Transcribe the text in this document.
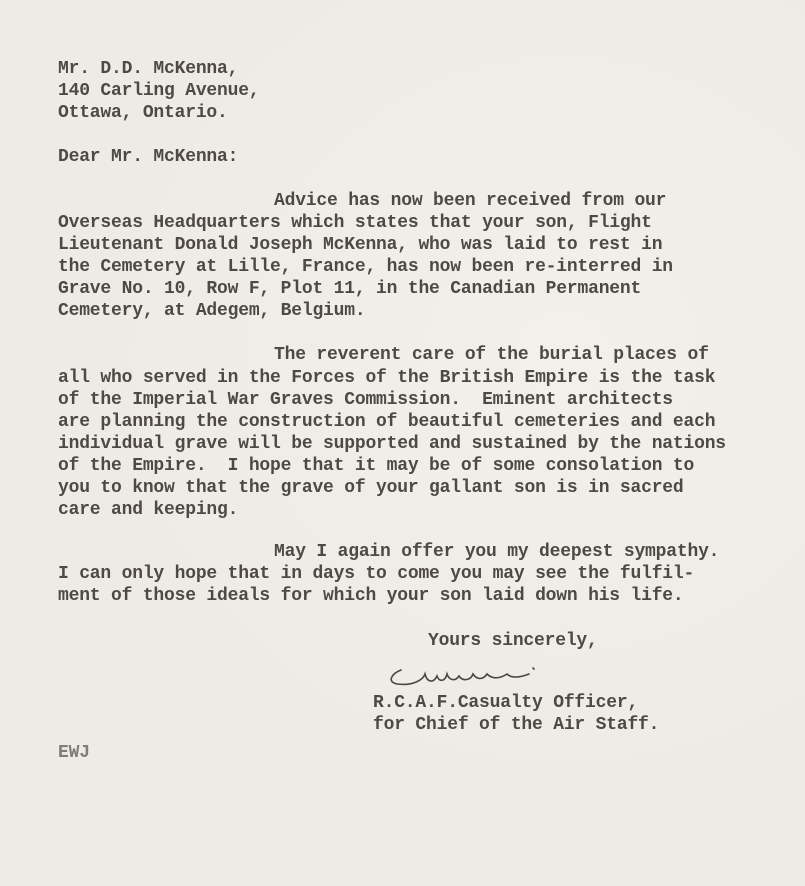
Mr. D.D. McKenna,
140 Carling Avenue,
Ottawa, Ontario.
Dear Mr. McKenna:
Advice has now been received from our
Overseas Headquarters which states that your son, Flight
Lieutenant Donald Joseph McKenna, who was laid to rest in
the Cemetery at Lille, France, has now been re-interred in
Grave No. 10, Row F, Plot 11, in the Canadian Permanent
Cemetery, at Adegem, Belgium.
The reverent care of the burial places of
all who served in the Forces of the British Empire is the task
of the Imperial War Graves Commission.  Eminent architects
are planning the construction of beautiful cemeteries and each
individual grave will be supported and sustained by the nations
of the Empire.  I hope that it may be of some consolation to
you to know that the grave of your gallant son is in sacred
care and keeping.
May I again offer you my deepest sympathy.
I can only hope that in days to come you may see the fulfil-
ment of those ideals for which your son laid down his life.
Yours sincerely,
R.C.A.F.Casualty Officer,
for Chief of the Air Staff.
EWJ
